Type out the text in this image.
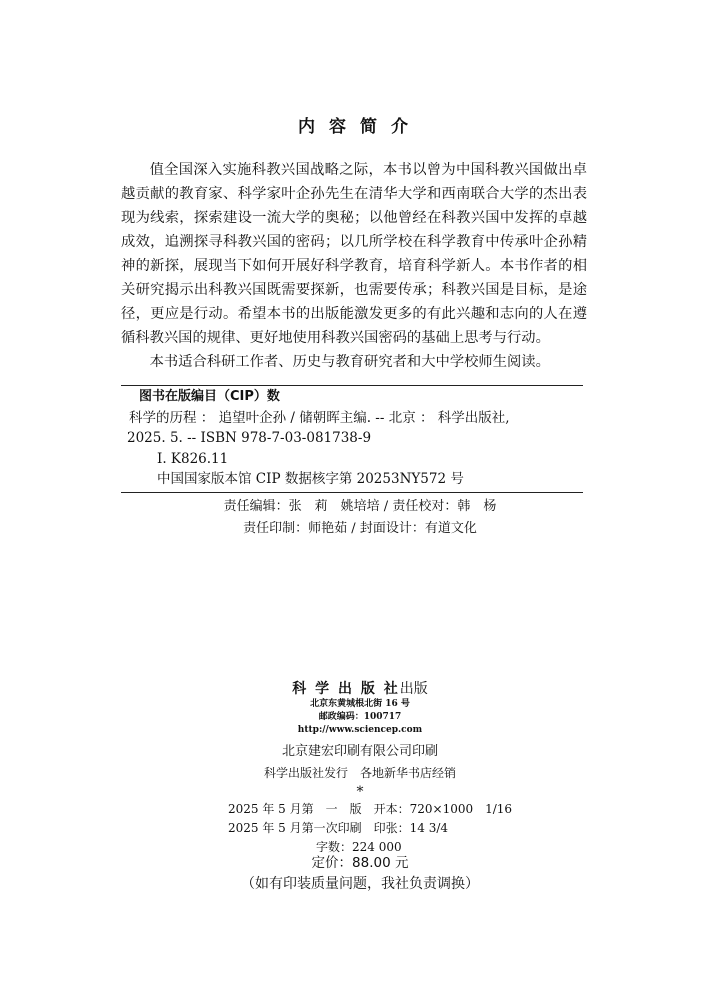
内容简介

值全国深入实施科教兴国战略之际，本书以曾为中国科教兴国做出卓越贡献的教育家、科学家叶企孙先生在清华大学和西南联合大学的杰出表现为线索，探索建设一流大学的奥秘；以他曾经在科教兴国中发挥的卓越成效，追溯探寻科教兴国的密码；以几所学校在科学教育中传承叶企孙精神的新探，展现当下如何开展好科学教育，培育科学新人。本书作者的相关研究揭示出科教兴国既需要探新，也需要传承；科教兴国是目标，是途径，更应是行动。希望本书的出版能激发更多的有此兴趣和志向的人在遵循科教兴国的规律、更好地使用科教兴国密码的基础上思考与行动。

本书适合科研工作者、历史与教育研究者和大中学校师生阅读。

图书在版编目（CIP）数
科学的历程 ： 追望叶企孙 / 储朝晖主编. -- 北京 ： 科学出版社,
2025. 5. -- ISBN 978-7-03-081738-9
Ⅰ. K826.11
中国国家版本馆 CIP 数据核字第 20253NY572 号
责任编辑：张　莉　姚培培 / 责任校对：韩　杨
责任印制：师艳茹 / 封面设计：有道文化
科 学 出 版 社出版
北京东黄城根北街 16 号
邮政编码：100717
http://www.sciencep.com
北京建宏印刷有限公司印刷
科学出版社发行　各地新华书店经销
*
2025 年 5 月第　一　版　开本：720×1000　1/16
2025 年 5 月第一次印刷　印张：14 3/4
字数：224 000
定价：88.00 元
（如有印装质量问题，我社负责调换）
